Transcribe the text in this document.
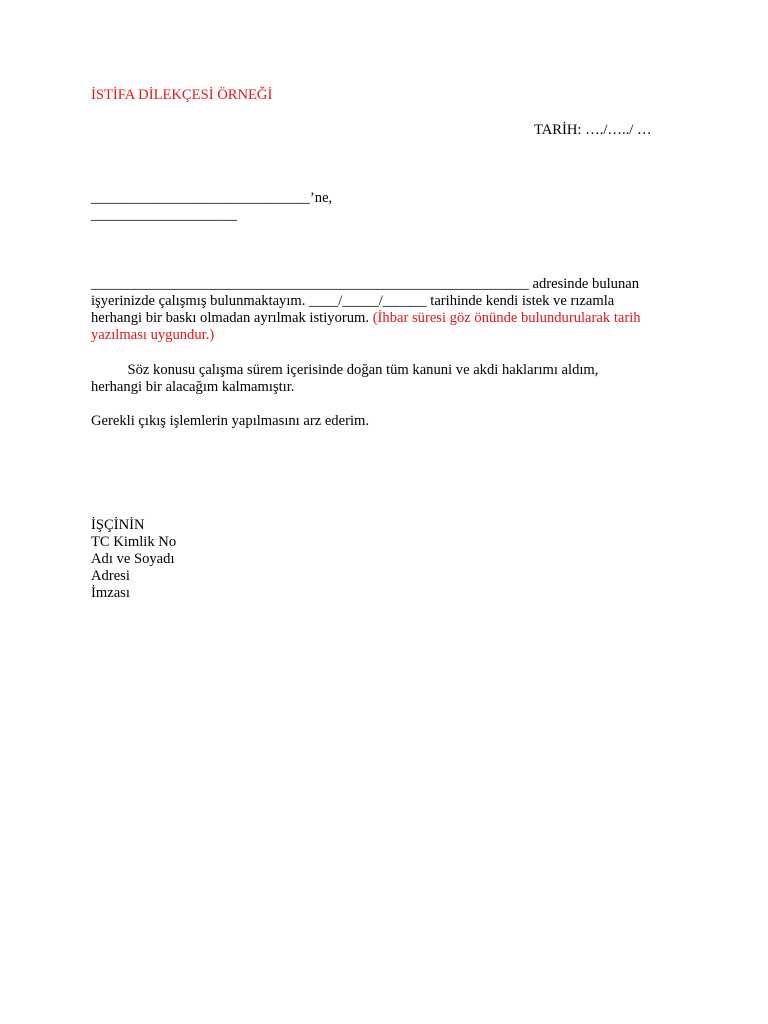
İSTİFA DİLEKÇESİ ÖRNEĞİ
TARİH: …./…../ …
______________________________’ne,
____________________
____________________________________________________________ adresinde bulunan
işyerinizde çalışmış bulunmaktayım. ____/_____/______ tarihinde kendi istek ve rızamla
herhangi bir baskı olmadan ayrılmak istiyorum. (İhbar süresi göz önünde bulundurularak tarih
yazılması uygundur.)
Söz konusu çalışma sürem içerisinde doğan tüm kanuni ve akdi haklarımı aldım,
herhangi bir alacağım kalmamıştır.
Gerekli çıkış işlemlerin yapılmasını arz ederim.
İŞÇİNİN
TC Kimlik No
Adı ve Soyadı
Adresi
İmzası
